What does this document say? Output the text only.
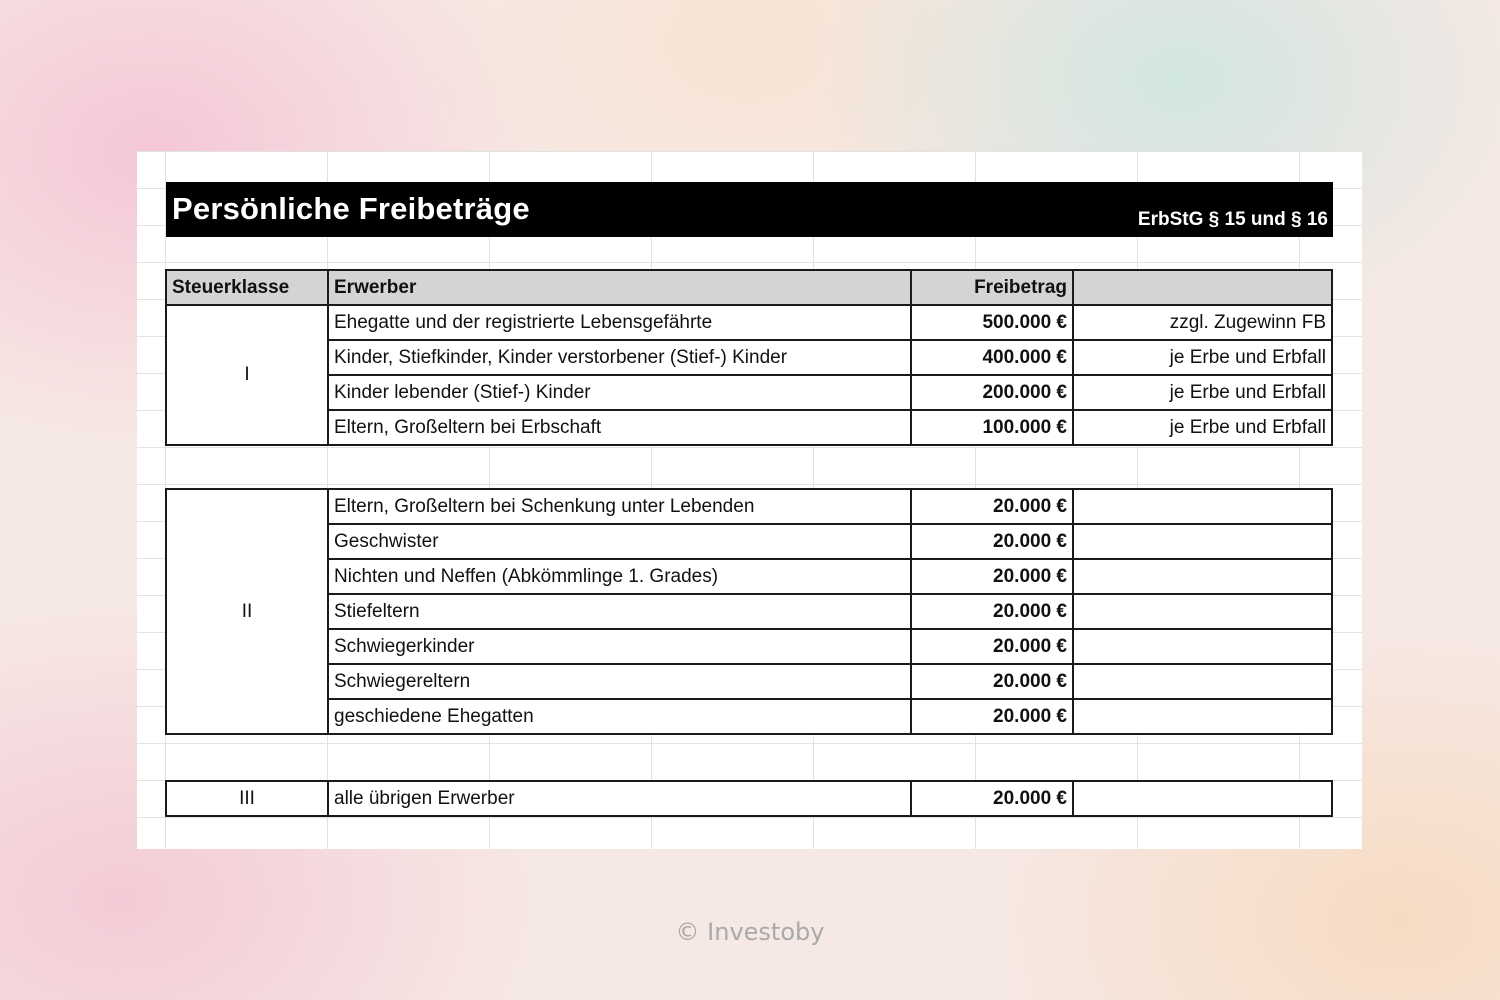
Persönliche Freibeträge	ErbStG § 15 und § 16
Steuerklasse	Erwerber	Freibetrag	
I	Ehegatte und der registrierte Lebensgefährte	500.000 €	zzgl. Zugewinn FB
	Kinder, Stiefkinder, Kinder verstorbener (Stief-) Kinder	400.000 €	je Erbe und Erbfall
	Kinder lebender (Stief-) Kinder	200.000 €	je Erbe und Erbfall
	Eltern, Großeltern bei Erbschaft	100.000 €	je Erbe und Erbfall
II	Eltern, Großeltern bei Schenkung unter Lebenden	20.000 €	
	Geschwister	20.000 €	
	Nichten und Neffen (Abkömmlinge 1. Grades)	20.000 €	
	Stiefeltern	20.000 €	
	Schwiegerkinder	20.000 €	
	Schwiegereltern	20.000 €	
	geschiedene Ehegatten	20.000 €	
III	alle übrigen Erwerber	20.000 €	
© Investoby
